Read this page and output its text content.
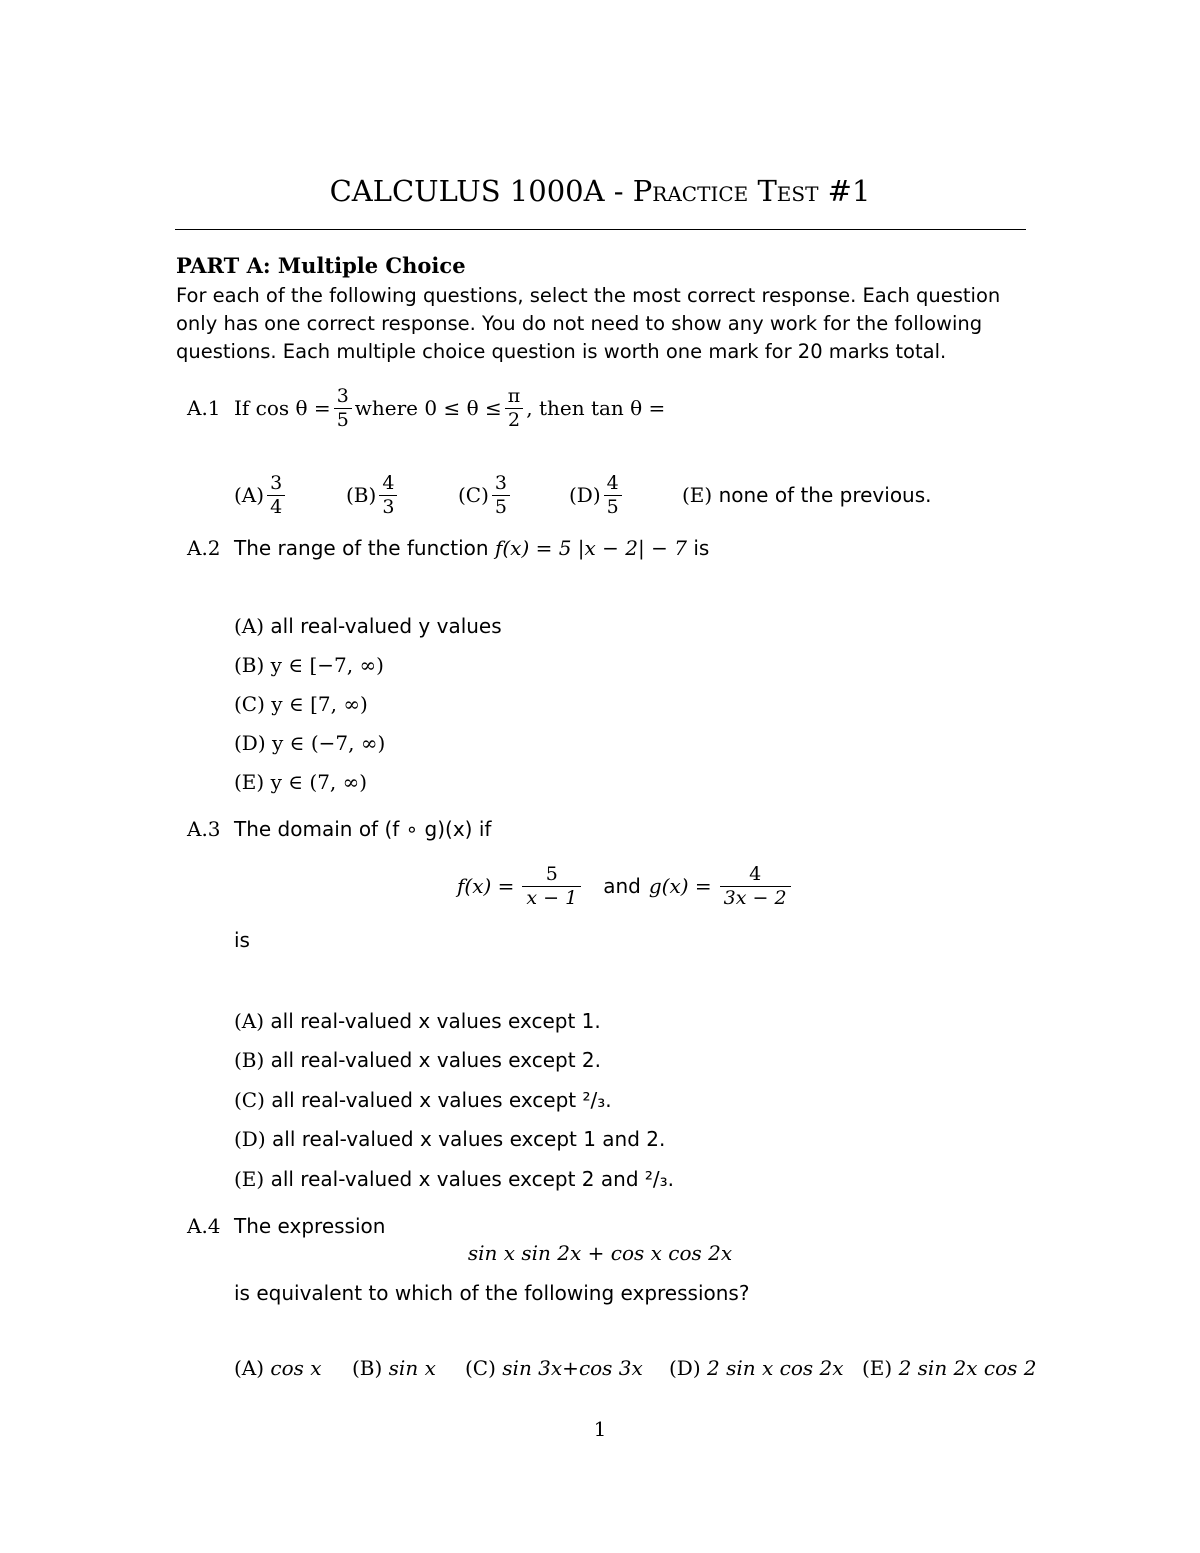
CALCULUS 1000A - Practice Test #1
PART A: Multiple Choice
For each of the following questions, select the most correct response. Each question
only has one correct response. You do not need to show any work for the following
questions. Each multiple choice question is worth one mark for 20 marks total.
A.1 If $\cos \theta = \frac{3}{5}$ where $0 \le \theta \le \frac{\pi}{2}$ , then tan θ =
$(A) \frac{3}{4}$	$(B) \frac{4}{3}$	$(C) \frac{3}{5}$	$(D) \frac{4}{5}$	(E)
none of the previous.
A.2 The range of the function f(x) = 5 |x − 2| − 7 is
(A) all real-valued y values
(B) y ∈ [−7, ∞)
(C) y ∈ [7, ∞)
(D) y ∈ (−7, ∞)
(E) y ∈ (7, ∞)
A.3 The domain of (f ∘ g)(x) if
$f(x) = \frac{5}{x - 1}$ and $g(x) = \frac{4}{3x - 2}$
is
(A) all real-valued x values except 1.
(B) all real-valued x values except 2.
(C) all real-valued x values except ²/₃.
(D) all real-valued x values except 1 and 2.
(E) all real-valued x values except 2 and ²/₃.
A.4 The expression
sin x sin 2x + cos x cos 2x
is equivalent to which of the following expressions?
(A) cos x (B) sin x (C) sin 3x+cos 3x (D) 2 sin x cos 2x (E) 2 sin 2x cos 2
1
